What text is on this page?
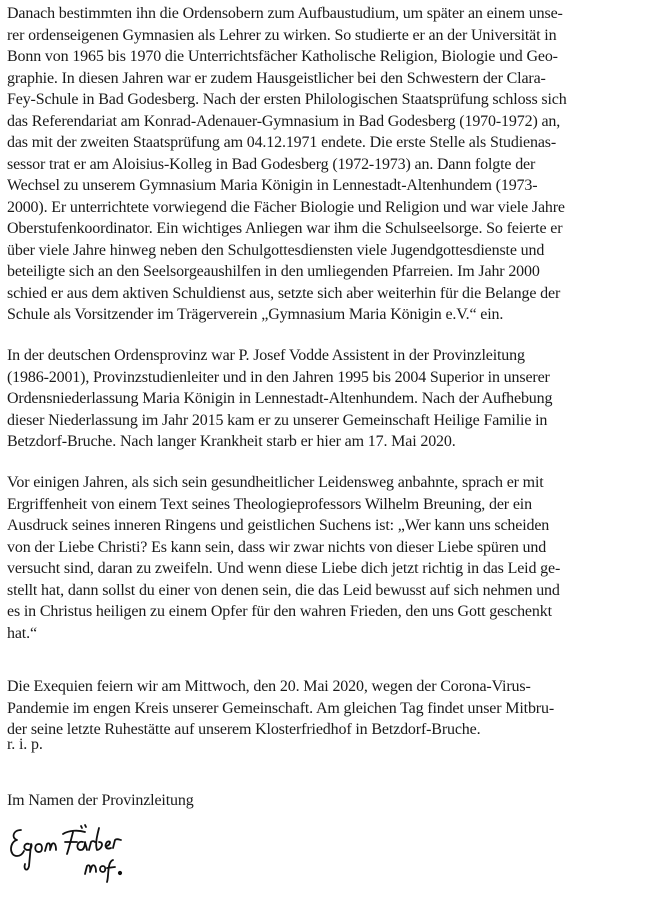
Danach bestimmten ihn die Ordensobern zum Aufbaustudium, um später an einem unse-
rer ordenseigenen Gymnasien als Lehrer zu wirken. So studierte er an der Universität in
Bonn von 1965 bis 1970 die Unterrichtsfächer Katholische Religion, Biologie und Geo-
graphie. In diesen Jahren war er zudem Hausgeistlicher bei den Schwestern der Clara-
Fey-Schule in Bad Godesberg. Nach der ersten Philologischen Staatsprüfung schloss sich
das Referendariat am Konrad-Adenauer-Gymnasium in Bad Godesberg (1970-1972) an,
das mit der zweiten Staatsprüfung am 04.12.1971 endete. Die erste Stelle als Studienas-
sessor trat er am Aloisius-Kolleg in Bad Godesberg (1972-1973) an. Dann folgte der
Wechsel zu unserem Gymnasium Maria Königin in Lennestadt-Altenhundem (1973-
2000). Er unterrichtete vorwiegend die Fächer Biologie und Religion und war viele Jahre
Oberstufenkoordinator. Ein wichtiges Anliegen war ihm die Schulseelsorge. So feierte er
über viele Jahre hinweg neben den Schulgottesdiensten viele Jugendgottesdienste und
beteiligte sich an den Seelsorgeaushilfen in den umliegenden Pfarreien. Im Jahr 2000
schied er aus dem aktiven Schuldienst aus, setzte sich aber weiterhin für die Belange der
Schule als Vorsitzender im Trägerverein „Gymnasium Maria Königin e.V.“ ein.
In der deutschen Ordensprovinz war P. Josef Vodde Assistent in der Provinzleitung
(1986-2001), Provinzstudienleiter und in den Jahren 1995 bis 2004 Superior in unserer
Ordensniederlassung Maria Königin in Lennestadt-Altenhundem. Nach der Aufhebung
dieser Niederlassung im Jahr 2015 kam er zu unserer Gemeinschaft Heilige Familie in
Betzdorf-Bruche. Nach langer Krankheit starb er hier am 17. Mai 2020.
Vor einigen Jahren, als sich sein gesundheitlicher Leidensweg anbahnte, sprach er mit
Ergriffenheit von einem Text seines Theologieprofessors Wilhelm Breuning, der ein
Ausdruck seines inneren Ringens und geistlichen Suchens ist: „Wer kann uns scheiden
von der Liebe Christi? Es kann sein, dass wir zwar nichts von dieser Liebe spüren und
versucht sind, daran zu zweifeln. Und wenn diese Liebe dich jetzt richtig in das Leid ge-
stellt hat, dann sollst du einer von denen sein, die das Leid bewusst auf sich nehmen und
es in Christus heiligen zu einem Opfer für den wahren Frieden, den uns Gott geschenkt
hat.“
Die Exequien feiern wir am Mittwoch, den 20. Mai 2020, wegen der Corona-Virus-
Pandemie im engen Kreis unserer Gemeinschaft. Am gleichen Tag findet unser Mitbru-
der seine letzte Ruhestätte auf unserem Klosterfriedhof in Betzdorf-Bruche.
r. i. p.
Im Namen der Provinzleitung
